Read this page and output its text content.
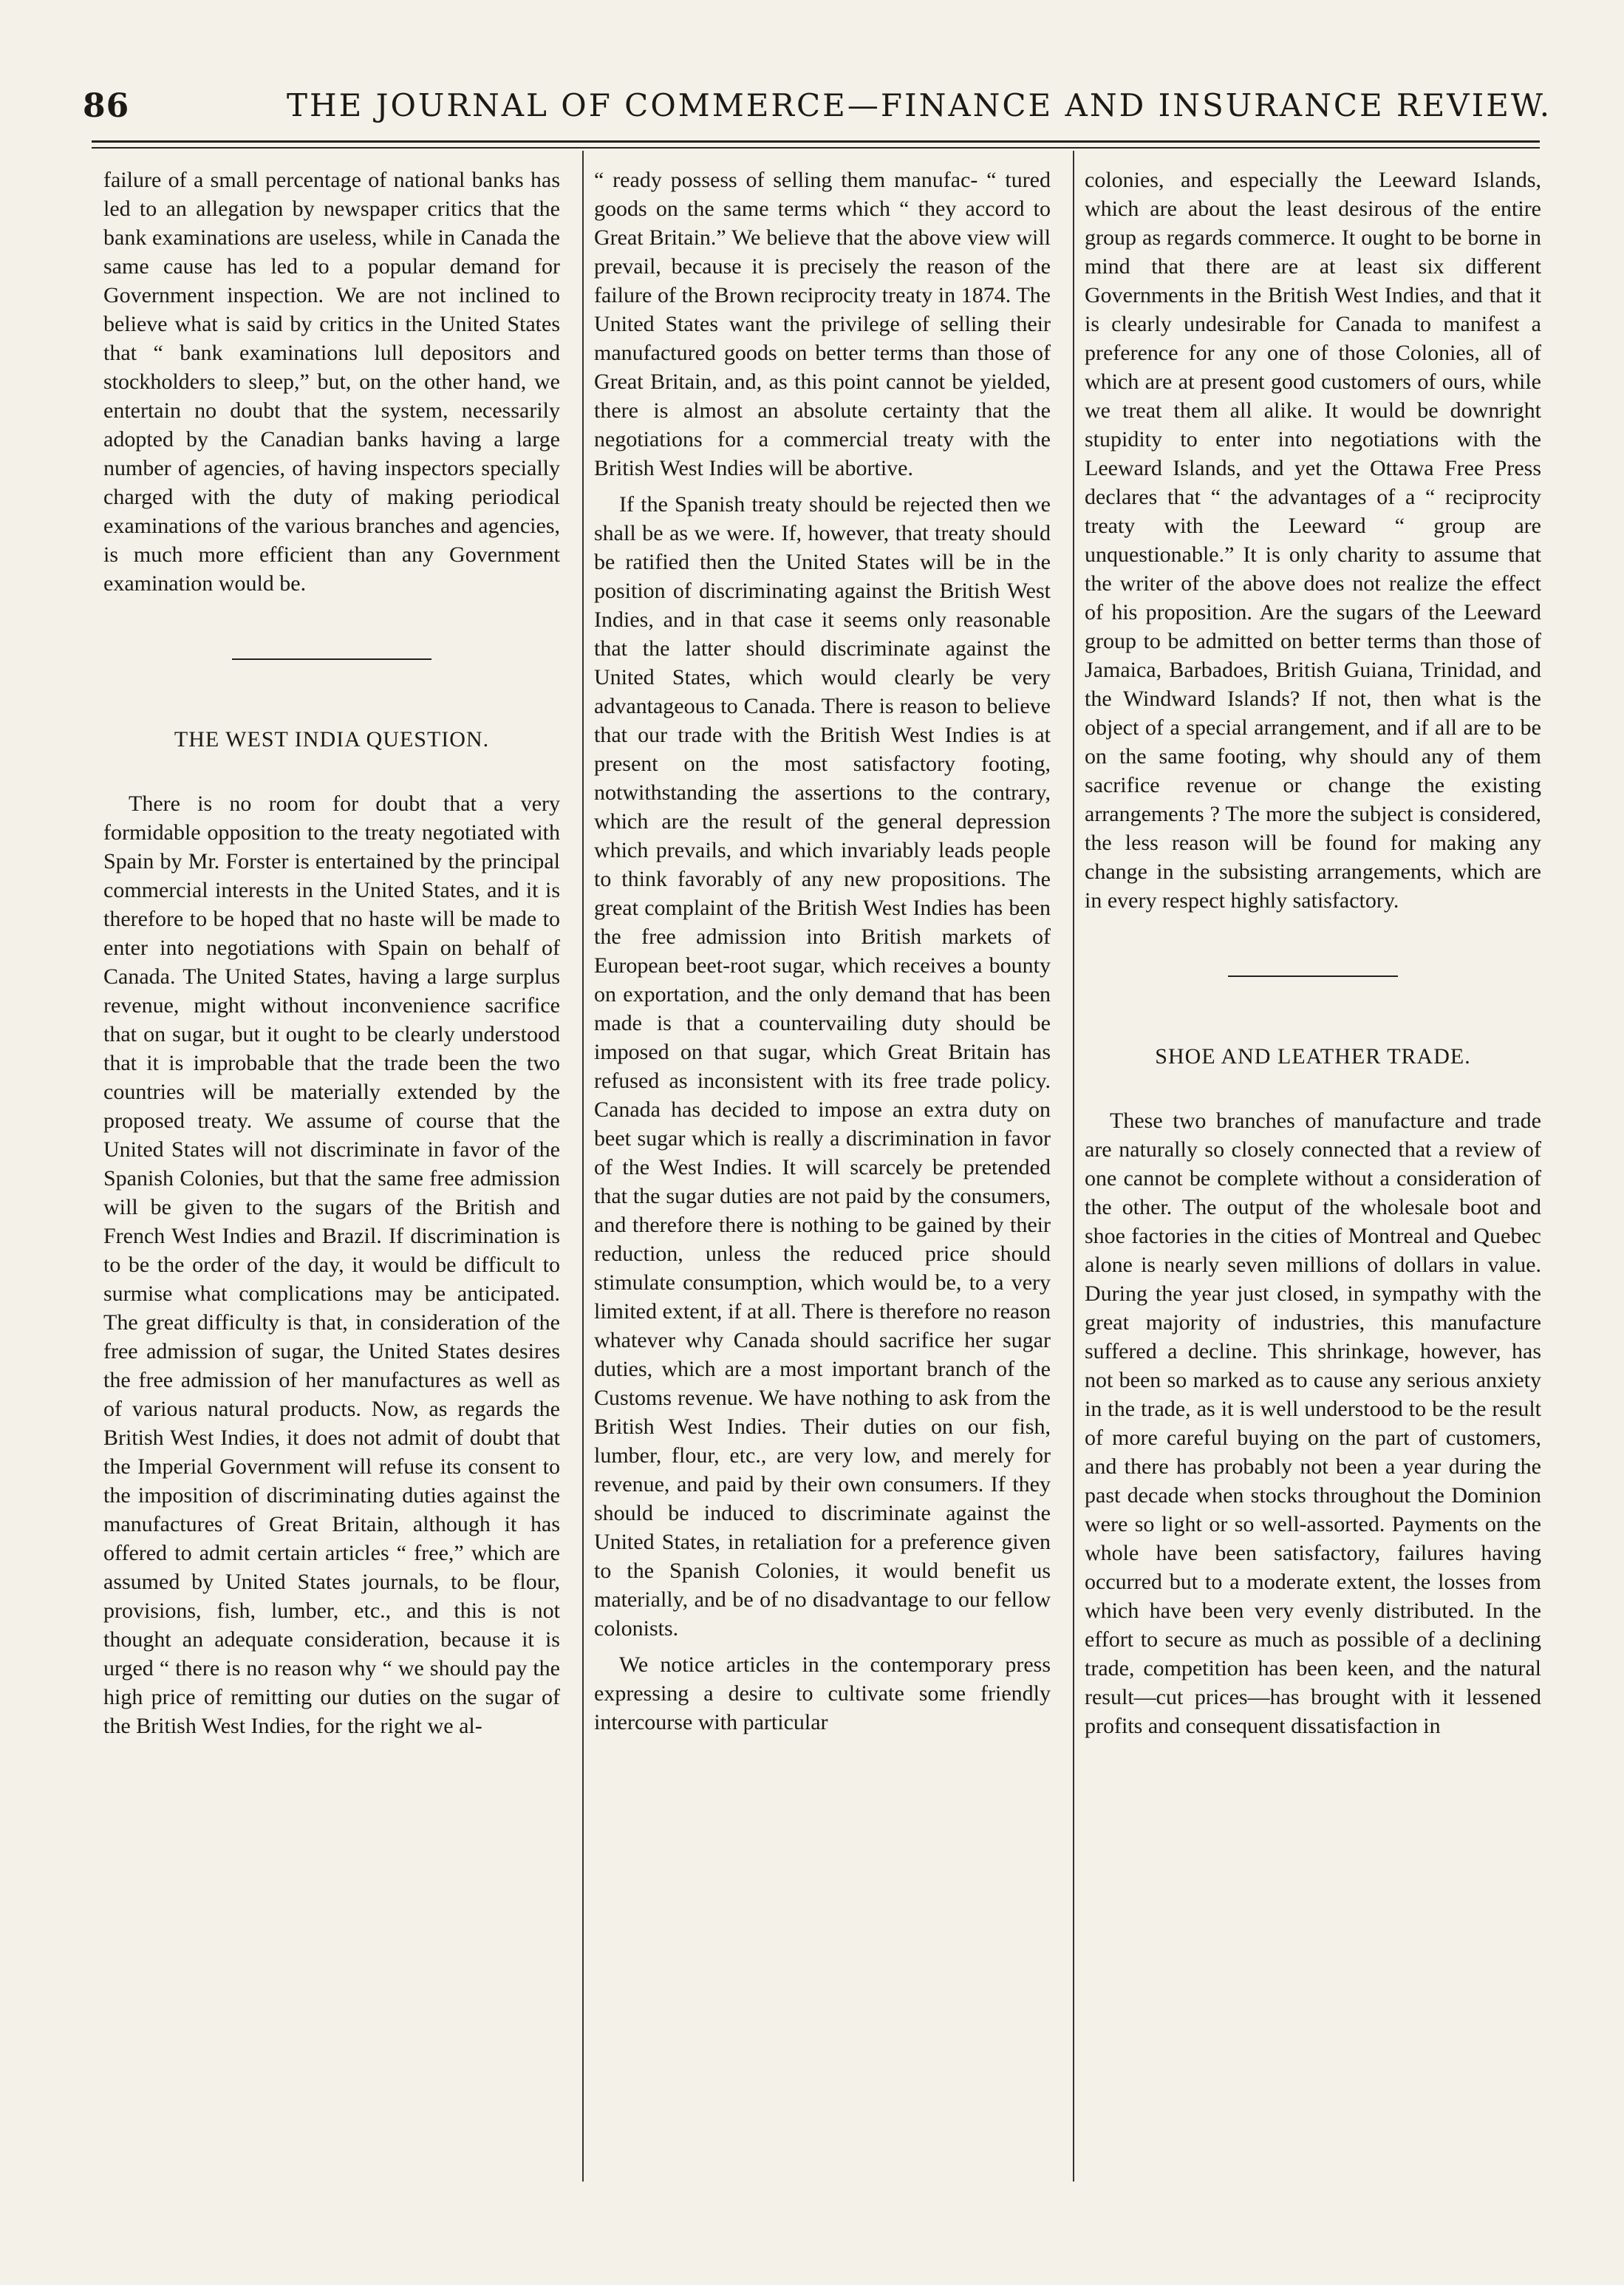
86	THE JOURNAL OF COMMERCE—FINANCE AND INSURANCE REVIEW.

failure of a small percentage of national banks has led to an allegation by newspaper critics that the bank examinations are useless, while in Canada the same cause has led to a popular demand for Government inspection. We are not inclined to believe what is said by critics in the United States that “ bank examinations lull depositors and stockholders to sleep,” but, on the other hand, we entertain no doubt that the system, necessarily adopted by the Canadian banks having a large number of agencies, of having inspectors specially charged with the duty of making periodical examinations of the various branches and agencies, is much more efficient than any Government examination would be.

THE WEST INDIA QUESTION.

There is no room for doubt that a very formidable opposition to the treaty negotiated with Spain by Mr. Forster is entertained by the principal commercial interests in the United States, and it is therefore to be hoped that no haste will be made to enter into negotiations with Spain on behalf of Canada. The United States, having a large surplus revenue, might without inconvenience sacrifice that on sugar, but it ought to be clearly understood that it is improbable that the trade been the two countries will be materially extended by the proposed treaty. We assume of course that the United States will not discriminate in favor of the Spanish Colonies, but that the same free admission will be given to the sugars of the British and French West Indies and Brazil. If discrimination is to be the order of the day, it would be difficult to surmise what complications may be anticipated. The great difficulty is that, in consideration of the free admission of sugar, the United States desires the free admission of her manufactures as well as of various natural products. Now, as regards the British West Indies, it does not admit of doubt that the Imperial Government will refuse its consent to the imposition of discriminating duties against the manufactures of Great Britain, although it has offered to admit certain articles “ free,” which are assumed by United States journals, to be flour, provisions, fish, lumber, etc., and this is not thought an adequate consideration, because it is urged “ there is no reason why “ we should pay the high price of remitting our duties on the sugar of the British West Indies, for the right we al-

“ ready possess of selling them manufac- “ tured goods on the same terms which “ they accord to Great Britain.” We believe that the above view will prevail, because it is precisely the reason of the failure of the Brown reciprocity treaty in 1874. The United States want the privilege of selling their manufactured goods on better terms than those of Great Britain, and, as this point cannot be yielded, there is almost an absolute certainty that the negotiations for a commercial treaty with the British West Indies will be abortive.

If the Spanish treaty should be rejected then we shall be as we were. If, however, that treaty should be ratified then the United States will be in the position of discriminating against the British West Indies, and in that case it seems only reasonable that the latter should discriminate against the United States, which would clearly be very advantageous to Canada. There is reason to believe that our trade with the British West Indies is at present on the most satisfactory footing, notwithstanding the assertions to the contrary, which are the result of the general depression which prevails, and which invariably leads people to think favorably of any new propositions. The great complaint of the British West Indies has been the free admission into British markets of European beet-root sugar, which receives a bounty on exportation, and the only demand that has been made is that a countervailing duty should be imposed on that sugar, which Great Britain has refused as inconsistent with its free trade policy. Canada has decided to impose an extra duty on beet sugar which is really a discrimination in favor of the West Indies. It will scarcely be pretended that the sugar duties are not paid by the consumers, and therefore there is nothing to be gained by their reduction, unless the reduced price should stimulate consumption, which would be, to a very limited extent, if at all. There is therefore no reason whatever why Canada should sacrifice her sugar duties, which are a most important branch of the Customs revenue. We have nothing to ask from the British West Indies. Their duties on our fish, lumber, flour, etc., are very low, and merely for revenue, and paid by their own consumers. If they should be induced to discriminate against the United States, in retaliation for a preference given to the Spanish Colonies, it would benefit us materially, and be of no disadvantage to our fellow colonists.

We notice articles in the contemporary press expressing a desire to cultivate some friendly intercourse with particular

colonies, and especially the Leeward Islands, which are about the least desirous of the entire group as regards commerce. It ought to be borne in mind that there are at least six different Governments in the British West Indies, and that it is clearly undesirable for Canada to manifest a preference for any one of those Colonies, all of which are at present good customers of ours, while we treat them all alike. It would be downright stupidity to enter into negotiations with the Leeward Islands, and yet the Ottawa Free Press declares that “ the advantages of a “ reciprocity treaty with the Leeward “ group are unquestionable.” It is only charity to assume that the writer of the above does not realize the effect of his proposition. Are the sugars of the Leeward group to be admitted on better terms than those of Jamaica, Barbadoes, British Guiana, Trinidad, and the Windward Islands? If not, then what is the object of a special arrangement, and if all are to be on the same footing, why should any of them sacrifice revenue or change the existing arrangements ? The more the subject is considered, the less reason will be found for making any change in the subsisting arrangements, which are in every respect highly satisfactory.

SHOE AND LEATHER TRADE.

These two branches of manufacture and trade are naturally so closely connected that a review of one cannot be complete without a consideration of the other. The output of the wholesale boot and shoe factories in the cities of Montreal and Quebec alone is nearly seven millions of dollars in value. During the year just closed, in sympathy with the great majority of industries, this manufacture suffered a decline. This shrinkage, however, has not been so marked as to cause any serious anxiety in the trade, as it is well understood to be the result of more careful buying on the part of customers, and there has probably not been a year during the past decade when stocks throughout the Dominion were so light or so well-assorted. Payments on the whole have been satisfactory, failures having occurred but to a moderate extent, the losses from which have been very evenly distributed. In the effort to secure as much as possible of a declining trade, competition has been keen, and the natural result—cut prices—has brought with it lessened profits and consequent dissatisfaction in
